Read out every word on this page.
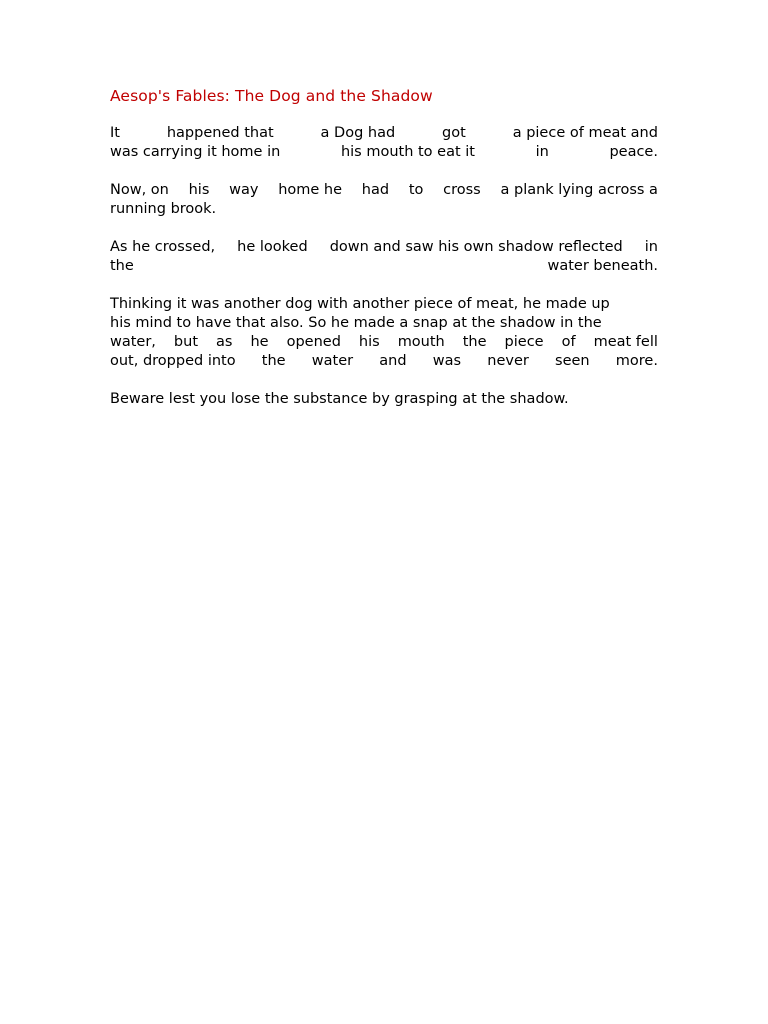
Aesop's Fables: The Dog and the Shadow
It	happened that	a Dog had	got	a piece of meat and
was carrying it home in	his mouth to eat it	in	peace.
Now, on his way home he had to cross a plank lying across a
running brook.
As he crossed, he looked down and saw his own shadow reflected in
the	water beneath.
Thinking it was another dog with another piece of meat, he made up
his mind to have that also. So he made a snap at the shadow in the
water, but as he opened his mouth the piece of meat fell
out, dropped into the water and was never seen more.
Beware lest you lose the substance by grasping at the shadow.
